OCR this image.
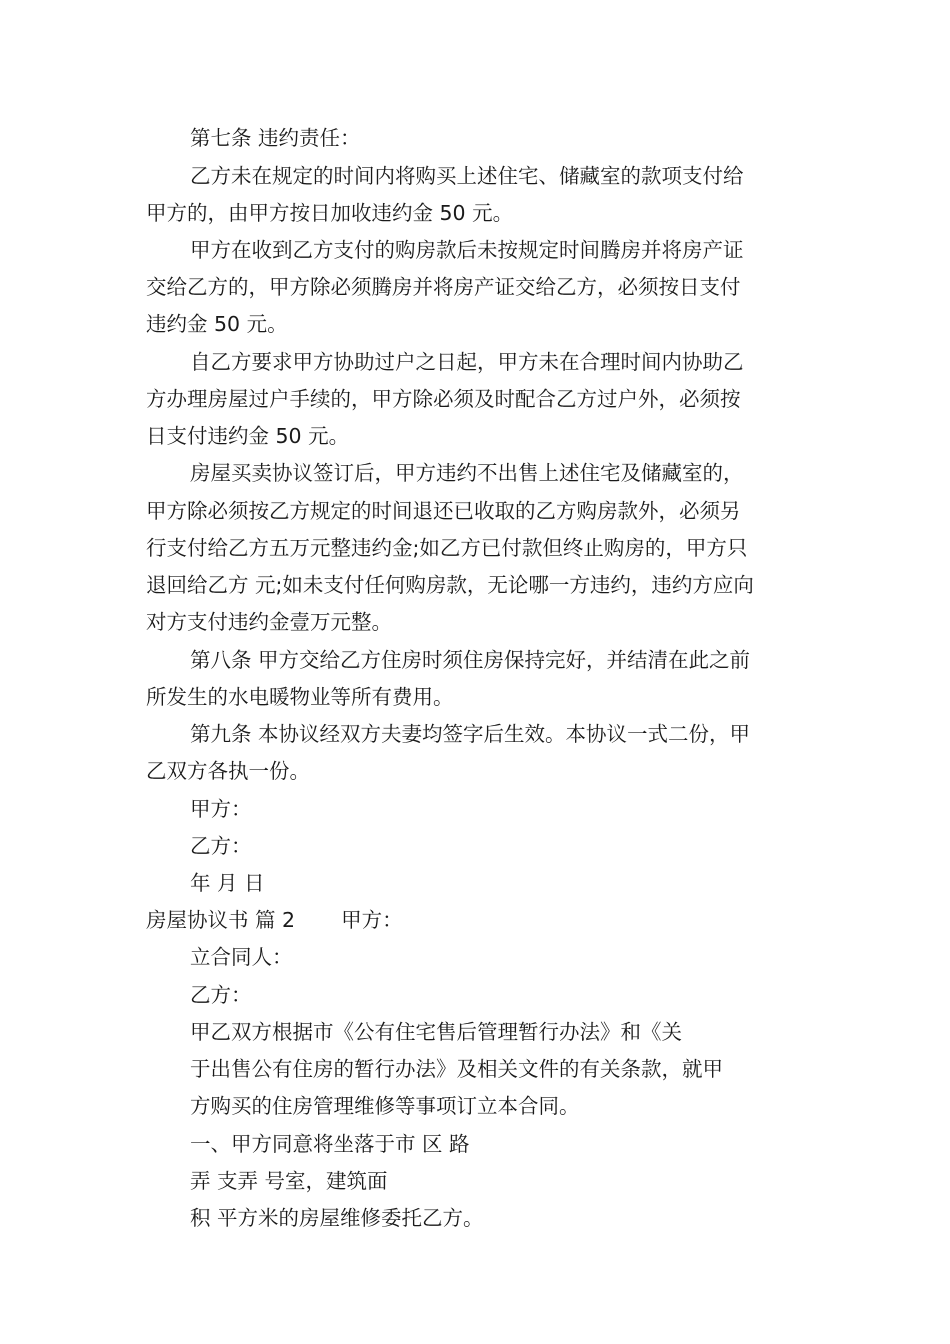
第七条 违约责任：
乙方未在规定的时间内将购买上述住宅、储藏室的款项支付给
甲方的，由甲方按日加收违约金 50 元。
甲方在收到乙方支付的购房款后未按规定时间腾房并将房产证
交给乙方的，甲方除必须腾房并将房产证交给乙方，必须按日支付
违约金 50 元。
自乙方要求甲方协助过户之日起，甲方未在合理时间内协助乙
方办理房屋过户手续的，甲方除必须及时配合乙方过户外，必须按
日支付违约金 50 元。
房屋买卖协议签订后，甲方违约不出售上述住宅及储藏室的，
甲方除必须按乙方规定的时间退还已收取的乙方购房款外，必须另
行支付给乙方五万元整违约金;如乙方已付款但终止购房的，甲方只
退回给乙方 元;如未支付任何购房款，无论哪一方违约，违约方应向
对方支付违约金壹万元整。
第八条 甲方交给乙方住房时须住房保持完好，并结清在此之前
所发生的水电暖物业等所有费用。
第九条 本协议经双方夫妻均签字后生效。本协议一式二份，甲
乙双方各执一份。
甲方：
乙方：
年 月 日
房屋协议书 篇 2 甲方：
立合同人：
乙方：
甲乙双方根据市《公有住宅售后管理暂行办法》和《关
于出售公有住房的暂行办法》及相关文件的有关条款，就甲
方购买的住房管理维修等事项订立本合同。
一、甲方同意将坐落于市 区 路
弄 支弄 号室，建筑面
积 平方米的房屋维修委托乙方。
